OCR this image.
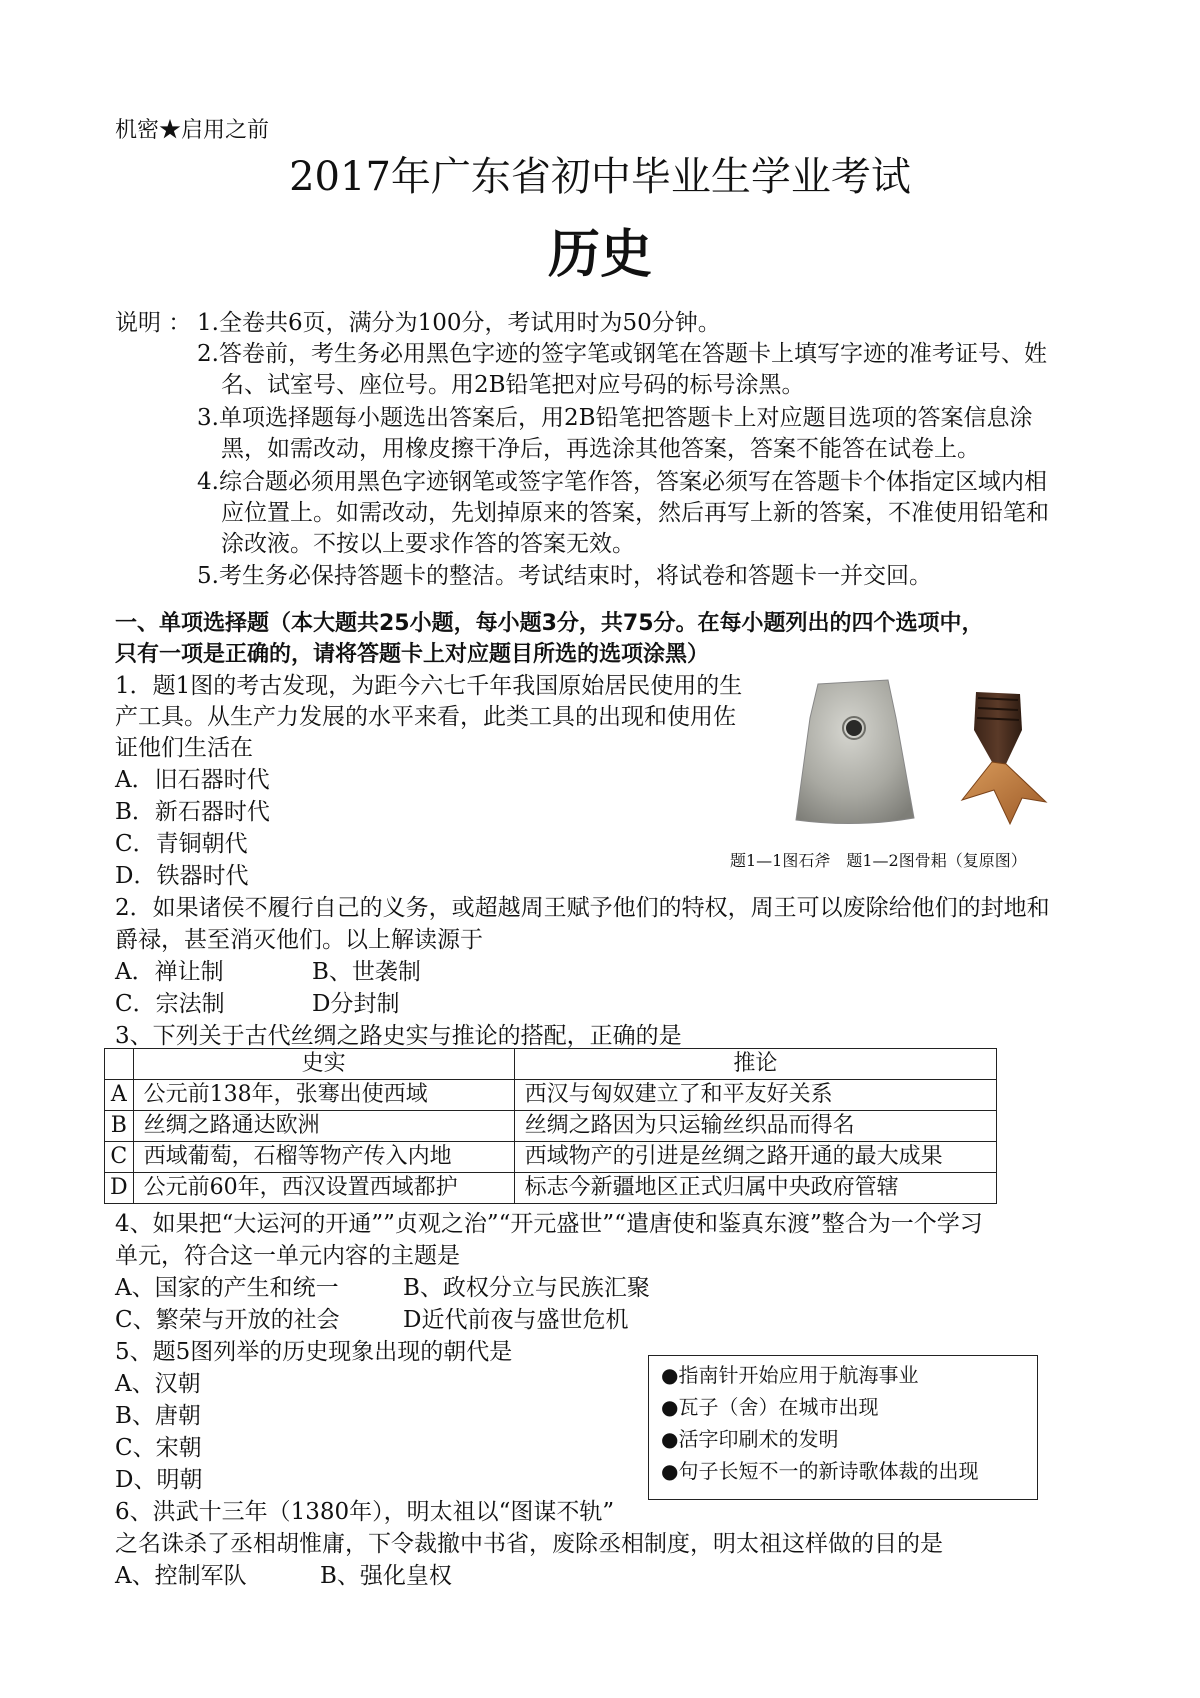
机密★启用之前
2017年广东省初中毕业生学业考试
历史
说明 ： 1.全卷共6页，满分为100分，考试用时为50分钟。
2.答卷前，考生务必用黑色字迹的签字笔或钢笔在答题卡上填写字迹的准考证号、姓
名、试室号、座位号。用2B铅笔把对应号码的标号涂黑。
3.单项选择题每小题选出答案后，用2B铅笔把答题卡上对应题目选项的答案信息涂
黑，如需改动，用橡皮擦干净后，再选涂其他答案，答案不能答在试卷上。
4.综合题必须用黑色字迹钢笔或签字笔作答，答案必须写在答题卡个体指定区域内相
应位置上。如需改动，先划掉原来的答案，然后再写上新的答案，不准使用铅笔和
涂改液。不按以上要求作答的答案无效。
5.考生务必保持答题卡的整洁。考试结束时，将试卷和答题卡一并交回。
一、单项选择题（本大题共25小题，每小题3分，共75分。在每小题列出的四个选项中，
只有一项是正确的，请将答题卡上对应题目所选的选项涂黑）
1．题1图的考古发现，为距今六七千年我国原始居民使用的生
产工具。从生产力发展的水平来看，此类工具的出现和使用佐
证他们生活在
A．旧石器时代
B．新石器时代
C．青铜朝代
D．铁器时代
题1—1图石斧　题1—2图骨耜（复原图）
2．如果诸侯不履行自己的义务，或超越周王赋予他们的特权，周王可以废除给他们的封地和
爵禄，甚至消灭他们。以上解读源于
A．禅让制	B、世袭制
C．宗法制	D分封制
3、下列关于古代丝绸之路史实与推论的搭配，正确的是
	史实	推论
A	公元前138年，张骞出使西域	西汉与匈奴建立了和平友好关系
B	丝绸之路通达欧洲	丝绸之路因为只运输丝织品而得名
C	西域葡萄，石榴等物产传入内地	西域物产的引进是丝绸之路开通的最大成果
D	公元前60年，西汉设置西域都护	标志今新疆地区正式归属中央政府管辖
4、如果把“大运河的开通””贞观之治”“开元盛世”“遣唐使和鉴真东渡”整合为一个学习
单元，符合这一单元内容的主题是
A、国家的产生和统一	B、政权分立与民族汇聚
C、繁荣与开放的社会	D近代前夜与盛世危机
5、题5图列举的历史现象出现的朝代是
A、汉朝
B、唐朝
C、宋朝
D、明朝
●指南针开始应用于航海事业
●瓦子（舍）在城市出现
●活字印刷术的发明
●句子长短不一的新诗歌体裁的出现
6、洪武十三年（1380年），明太祖以“图谋不轨”
之名诛杀了丞相胡惟庸，下令裁撤中书省，废除丞相制度，明太祖这样做的目的是
A、控制军队	B、强化皇权
